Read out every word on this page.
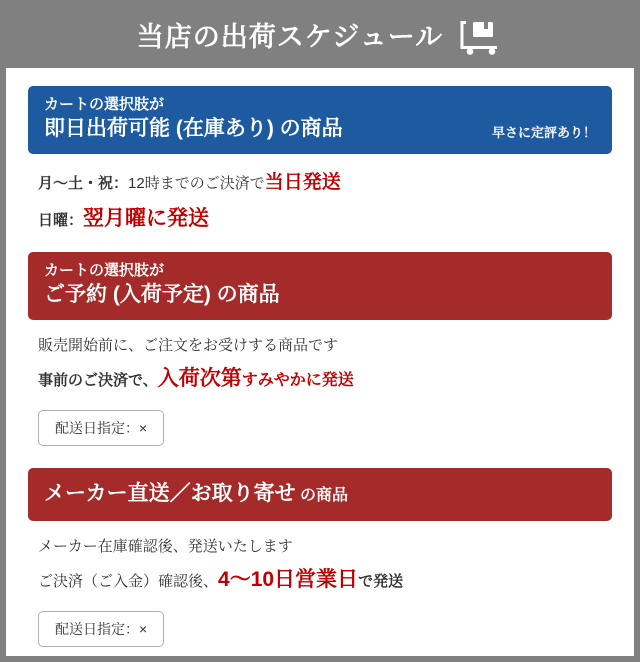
当店の出荷スケジュール

カートの選択肢が

即日出荷可能 (在庫あり) の商品	早さに定評あり！

月～土・祝：12時までのご決済で当日発送

日曜：翌月曜に発送

カートの選択肢が

ご予約 (入荷予定) の商品

販売開始前に、ご注文をお受けする商品です

事前のご決済で、入荷次第すみやかに発送

配送日指定：×

メーカー直送／お取り寄せ の商品

メーカー在庫確認後、発送いたします

ご決済（ご入金）確認後、4～10日営業日で発送

配送日指定：×
